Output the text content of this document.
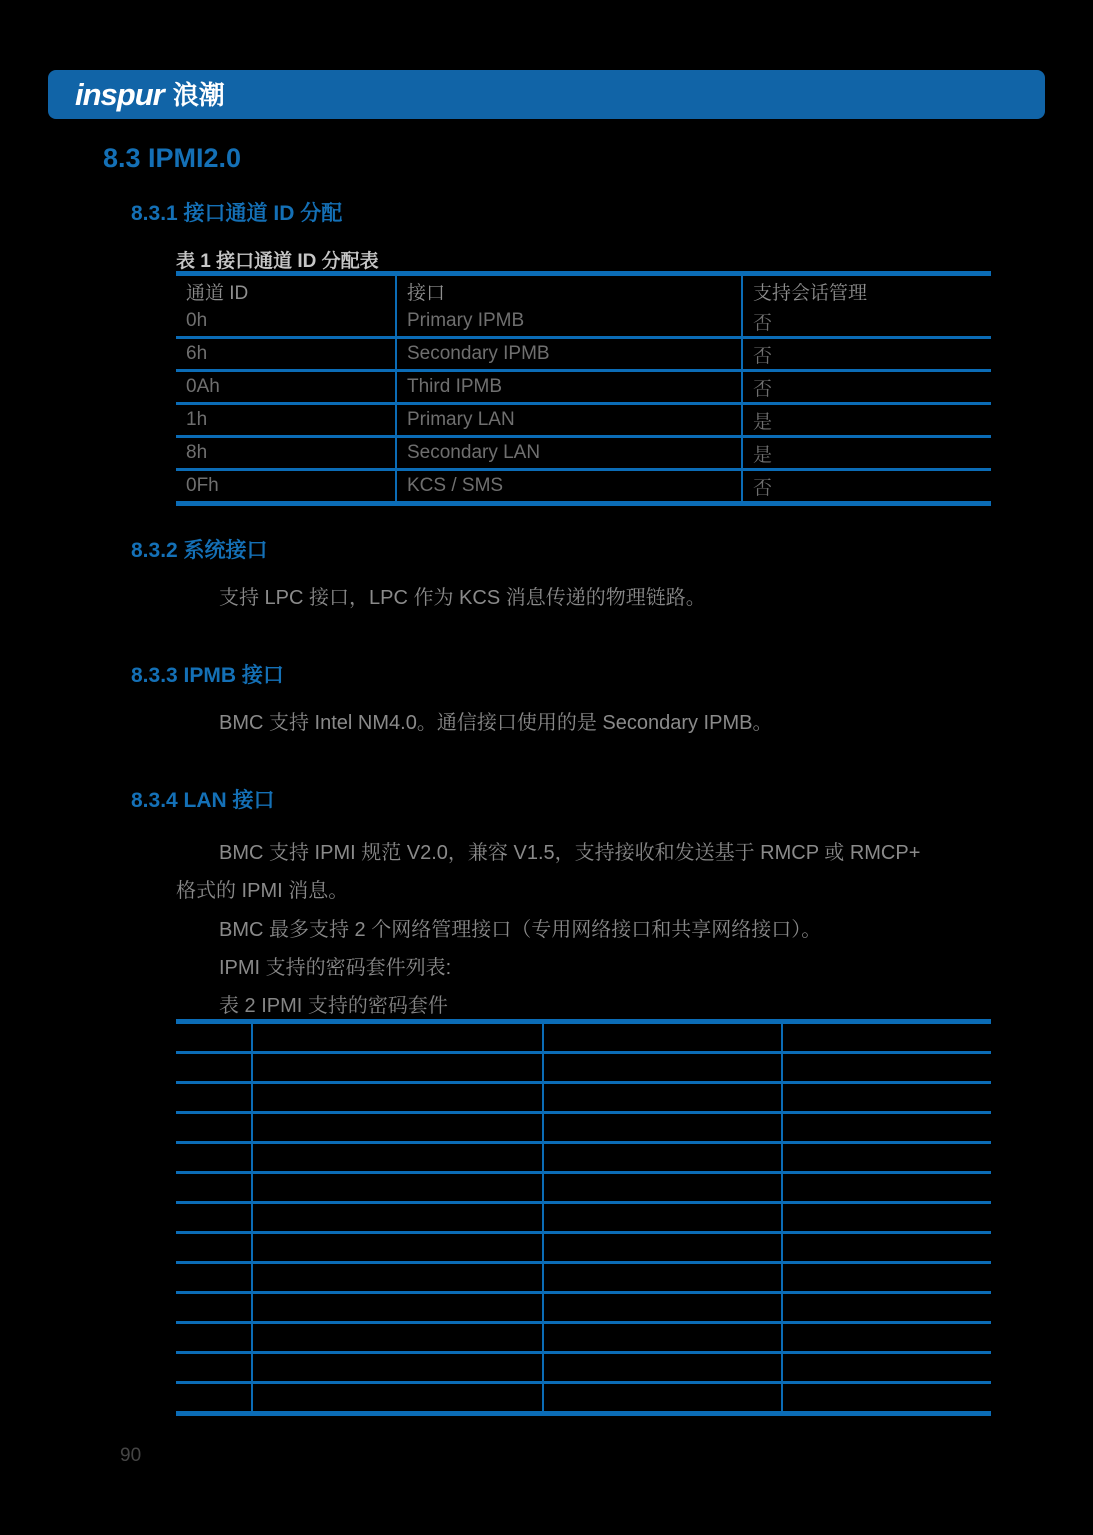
inspur 浪潮
8.3 IPMI2.0
8.3.1 接口通道 ID 分配
表 1 接口通道 ID 分配表
通道 ID	接口	支持会话管理
0h	Primary IPMB	否
6h	Secondary IPMB	否
0Ah	Third IPMB	否
1h	Primary LAN	是
8h	Secondary LAN	是
0Fh	KCS / SMS	否
8.3.2 系统接口
支持 LPC 接口，LPC 作为 KCS 消息传递的物理链路。
8.3.3 IPMB 接口
BMC 支持 Intel NM4.0。通信接口使用的是 Secondary IPMB。
8.3.4 LAN 接口
BMC 支持 IPMI 规范 V2.0，兼容 V1.5，支持接收和发送基于 RMCP 或 RMCP+
格式的 IPMI 消息。
BMC 最多支持 2 个网络管理接口（专用网络接口和共享网络接口）。
IPMI 支持的密码套件列表:
表 2 IPMI 支持的密码套件

90
